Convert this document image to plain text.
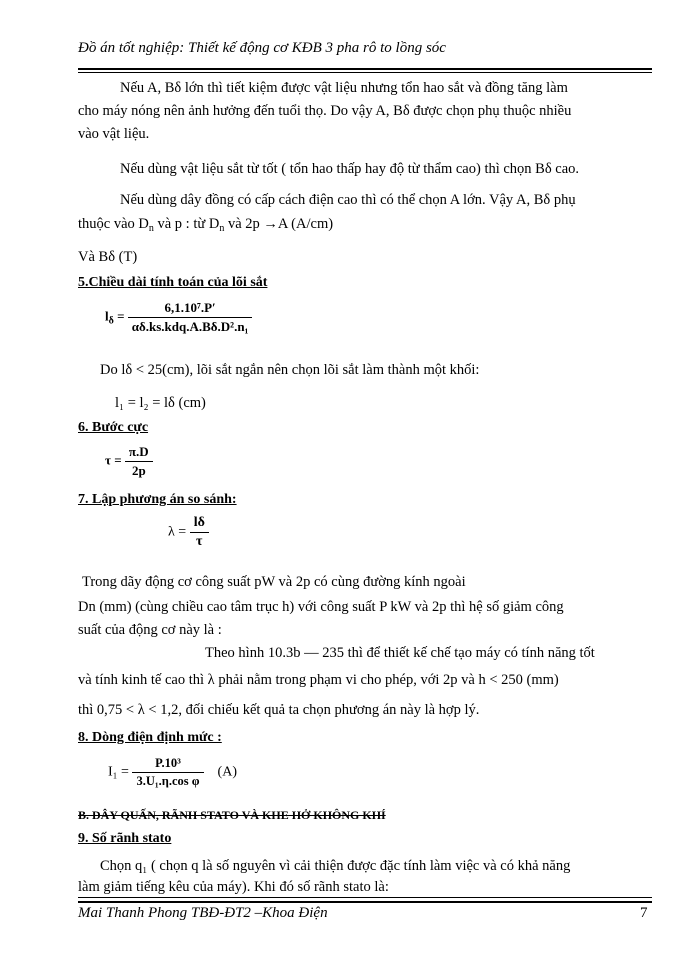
Đồ án tốt nghiệp: Thiết kế động cơ KĐB 3 pha rô to lồng sóc
Nếu A, Bδ lớn thì tiết kiệm được vật liệu nhưng tổn hao sắt và đồng tăng làm
cho máy nóng nên ảnh hưởng đến tuổi thọ. Do vậy A, Bδ được chọn phụ thuộc nhiều
vào vật liệu.
Nếu dùng vật liệu sắt từ tốt ( tổn hao thấp hay độ từ thẩm cao) thì chọn Bδ cao.
Nếu dùng dây đồng có cấp cách điện cao thì có thể chọn A lớn. Vậy A, Bδ phụ
thuộc vào $D_n$ và p : từ $D_n$ và 2p →A (A/cm)
Và Bδ (T)
5.Chiều dài tính toán của lõi sắt
$l_\delta = \frac{\text{6,1.10⁷.P′}}{\text{αδ.ks.kdq.A.Bδ.D².n₁}}$
Do lδ < 25(cm), lõi sắt ngắn nên chọn lõi sắt làm thành một khối:
l₁ = l₂ = lδ (cm)
6. Bước cực
$\tau = \frac{\pi.D}{2p}$
7. Lập phương án so sánh:
$\lambda = \frac{l\delta}{\tau}$
Trong dãy động cơ công suất pW và 2p có cùng đường kính ngoài
Dn (mm) (cùng chiều cao tâm trục h) với công suất P kW và 2p thì hệ số giảm công
suất của động cơ này là :
Theo hình 10.3b — 235 thì để thiết kế chế tạo máy có tính năng tốt
và tính kinh tế cao thì λ phải nằm trong phạm vi cho phép, với 2p và h < 250 (mm)
thì 0,75 < λ < 1,2, đối chiếu kết quả ta chọn phương án này là hợp lý.
8. Dòng điện định mức :
$I_1 = \frac{\text{P.10³}}{\text{3.U₁.η.cos φ}} (A)$
B. DÂY QUẤN, RÃNH STATO VÀ KHE HỞ KHÔNG KHÍ
9. Số rãnh stato
Chọn q₁ ( chọn q là số nguyên vì cải thiện được đặc tính làm việc và có khả năng
làm giảm tiếng kêu của máy). Khi đó số rãnh stato là:
Mai Thanh Phong TBĐ-ĐT2 –Khoa Điện	7
